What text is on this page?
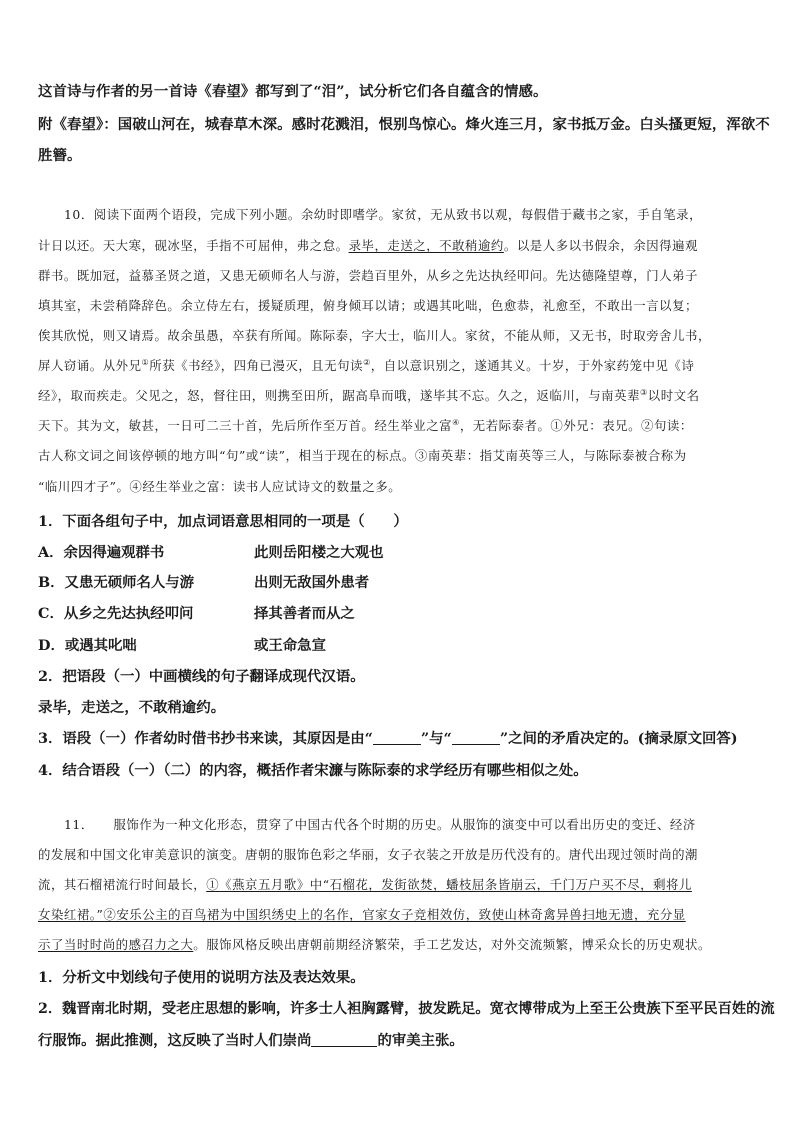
这首诗与作者的另一首诗《春望》都写到了“泪”，试分析它们各自蕴含的情感。
附《春望》：国破山河在，城春草木深。感时花溅泪，恨别鸟惊心。烽火连三月，家书抵万金。白头搔更短，浑欲不
胜簪。
10．阅读下面两个语段，完成下列小题。余幼时即嗜学。家贫，无从致书以观，每假借于藏书之家，手自笔录，
计日以还。天大寒，砚冰坚，手指不可屈伸，弗之怠。录毕，走送之，不敢稍逾约。以是人多以书假余，余因得遍观
群书。既加冠，益慕圣贤之道，又患无硕师名人与游，尝趋百里外，从乡之先达执经叩问。先达德隆望尊，门人弟子
填其室，未尝稍降辞色。余立侍左右，援疑质理，俯身倾耳以请；或遇其叱咄，色愈恭，礼愈至，不敢出一言以复；
俟其欣悦，则又请焉。故余虽愚，卒获有所闻。陈际泰，字大士，临川人。家贫，不能从师，又无书，时取旁舍儿书，
屏人窃诵。从外兄①所获《书经》，四角已漫灭，且无句读②，自以意识别之，遂通其义。十岁，于外家药笼中见《诗
经》，取而疾走。父见之，怒，督往田，则携至田所，踞高阜而哦，遂毕其不忘。久之，返临川，与南英辈③以时文名
天下。其为文，敏甚，一日可二三十首，先后所作至万首。经生举业之富④，无若际泰者。①外兄：表兄。②句读：
古人称文词之间该停顿的地方叫“句”或“读”，相当于现在的标点。③南英辈：指艾南英等三人，与陈际泰被合称为
“临川四才子”。④经生举业之富：读书人应试诗文的数量之多。
1．下面各组句子中，加点词语意思相同的一项是（　　）
A．余因得遍观群书	此则岳阳楼之大观也
B．又患无硕师名人与游	出则无敌国外患者
C．从乡之先达执经叩问	择其善者而从之
D．或遇其叱咄	或王命急宣
2．把语段（一）中画横线的句子翻译成现代汉语。
录毕，走送之，不敢稍逾约。
3．语段（一）作者幼时借书抄书来读，其原因是由“	”与“	”之间的矛盾决定的。(摘录原文回答)
4．结合语段（一）（二）的内容，概括作者宋濂与陈际泰的求学经历有哪些相似之处。
11．　　服饰作为一种文化形态，贯穿了中国古代各个时期的历史。从服饰的演变中可以看出历史的变迁、经济
的发展和中国文化审美意识的演变。唐朝的服饰色彩之华丽，女子衣装之开放是历代没有的。唐代出现过领时尚的潮
流，其石榴裙流行时间最长，①《燕京五月歌》中“石榴花，发街欲焚，蟠枝屈条皆崩云，千门万户买不尽，剩将儿
女染红裙。”②安乐公主的百鸟裙为中国织绣史上的名作，官家女子竞相效仿，致使山林奇禽异兽扫地无遗，充分显
示了当时时尚的感召力之大。服饰风格反映出唐朝前期经济繁荣，手工艺发达，对外交流频繁，博采众长的历史观状。
1．分析文中划线句子使用的说明方法及表达效果。
2．魏晋南北时期，受老庄思想的影响，许多士人袒胸露臂，披发跣足。宽衣博带成为上至王公贵族下至平民百姓的流
行服饰。据此推测，这反映了当时人们崇尚	的审美主张。
